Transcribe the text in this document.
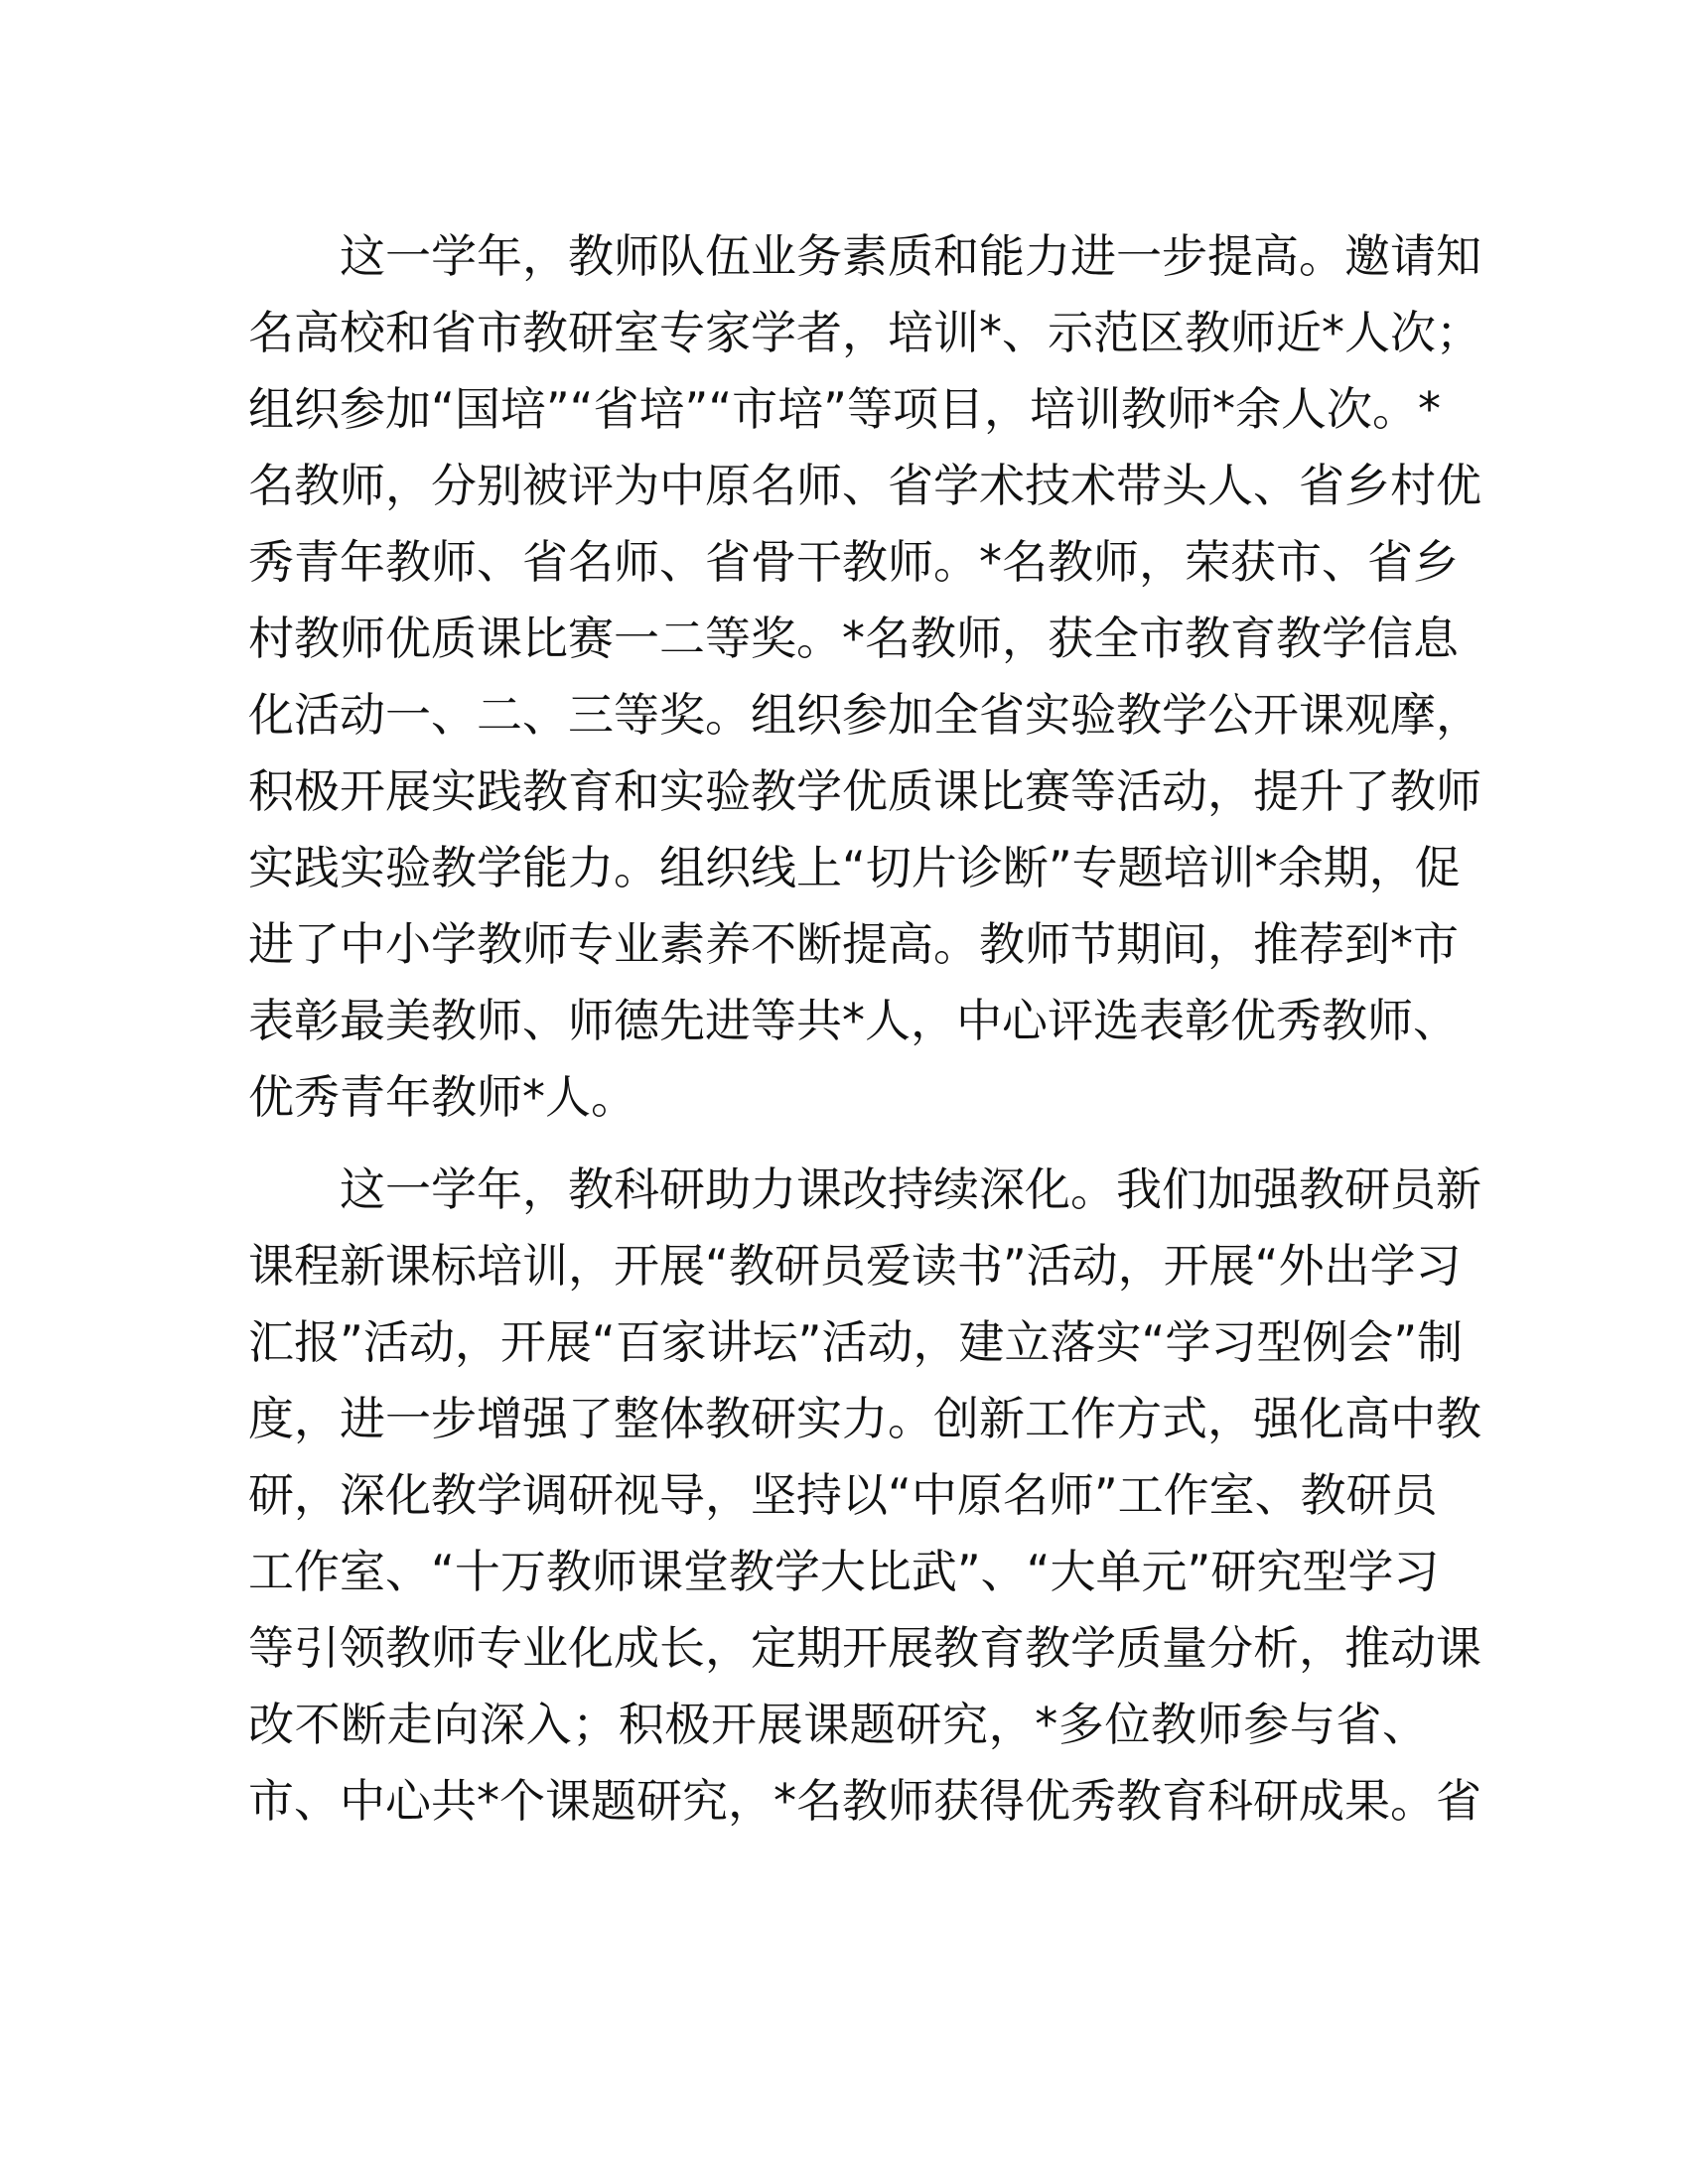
这一学年，教师队伍业务素质和能力进一步提高。邀请知
名高校和省市教研室专家学者，培训*、示范区教师近*人次；
组织参加“国培”“省培”“市培”等项目，培训教师*余人次。*
名教师，分别被评为中原名师、省学术技术带头人、省乡村优
秀青年教师、省名师、省骨干教师。*名教师，荣获市、省乡
村教师优质课比赛一二等奖。*名教师，获全市教育教学信息
化活动一、二、三等奖。组织参加全省实验教学公开课观摩，
积极开展实践教育和实验教学优质课比赛等活动，提升了教师
实践实验教学能力。组织线上“切片诊断”专题培训*余期，促
进了中小学教师专业素养不断提高。教师节期间，推荐到*市
表彰最美教师、师德先进等共*人，中心评选表彰优秀教师、
优秀青年教师*人。

这一学年，教科研助力课改持续深化。我们加强教研员新
课程新课标培训，开展“教研员爱读书”活动，开展“外出学习
汇报”活动，开展“百家讲坛”活动，建立落实“学习型例会”制
度，进一步增强了整体教研实力。创新工作方式，强化高中教
研，深化教学调研视导，坚持以“中原名师”工作室、教研员
工作室、“十万教师课堂教学大比武”、“大单元”研究型学习
等引领教师专业化成长，定期开展教育教学质量分析，推动课
改不断走向深入；积极开展课题研究，*多位教师参与省、
市、中心共*个课题研究，*名教师获得优秀教育科研成果。省
